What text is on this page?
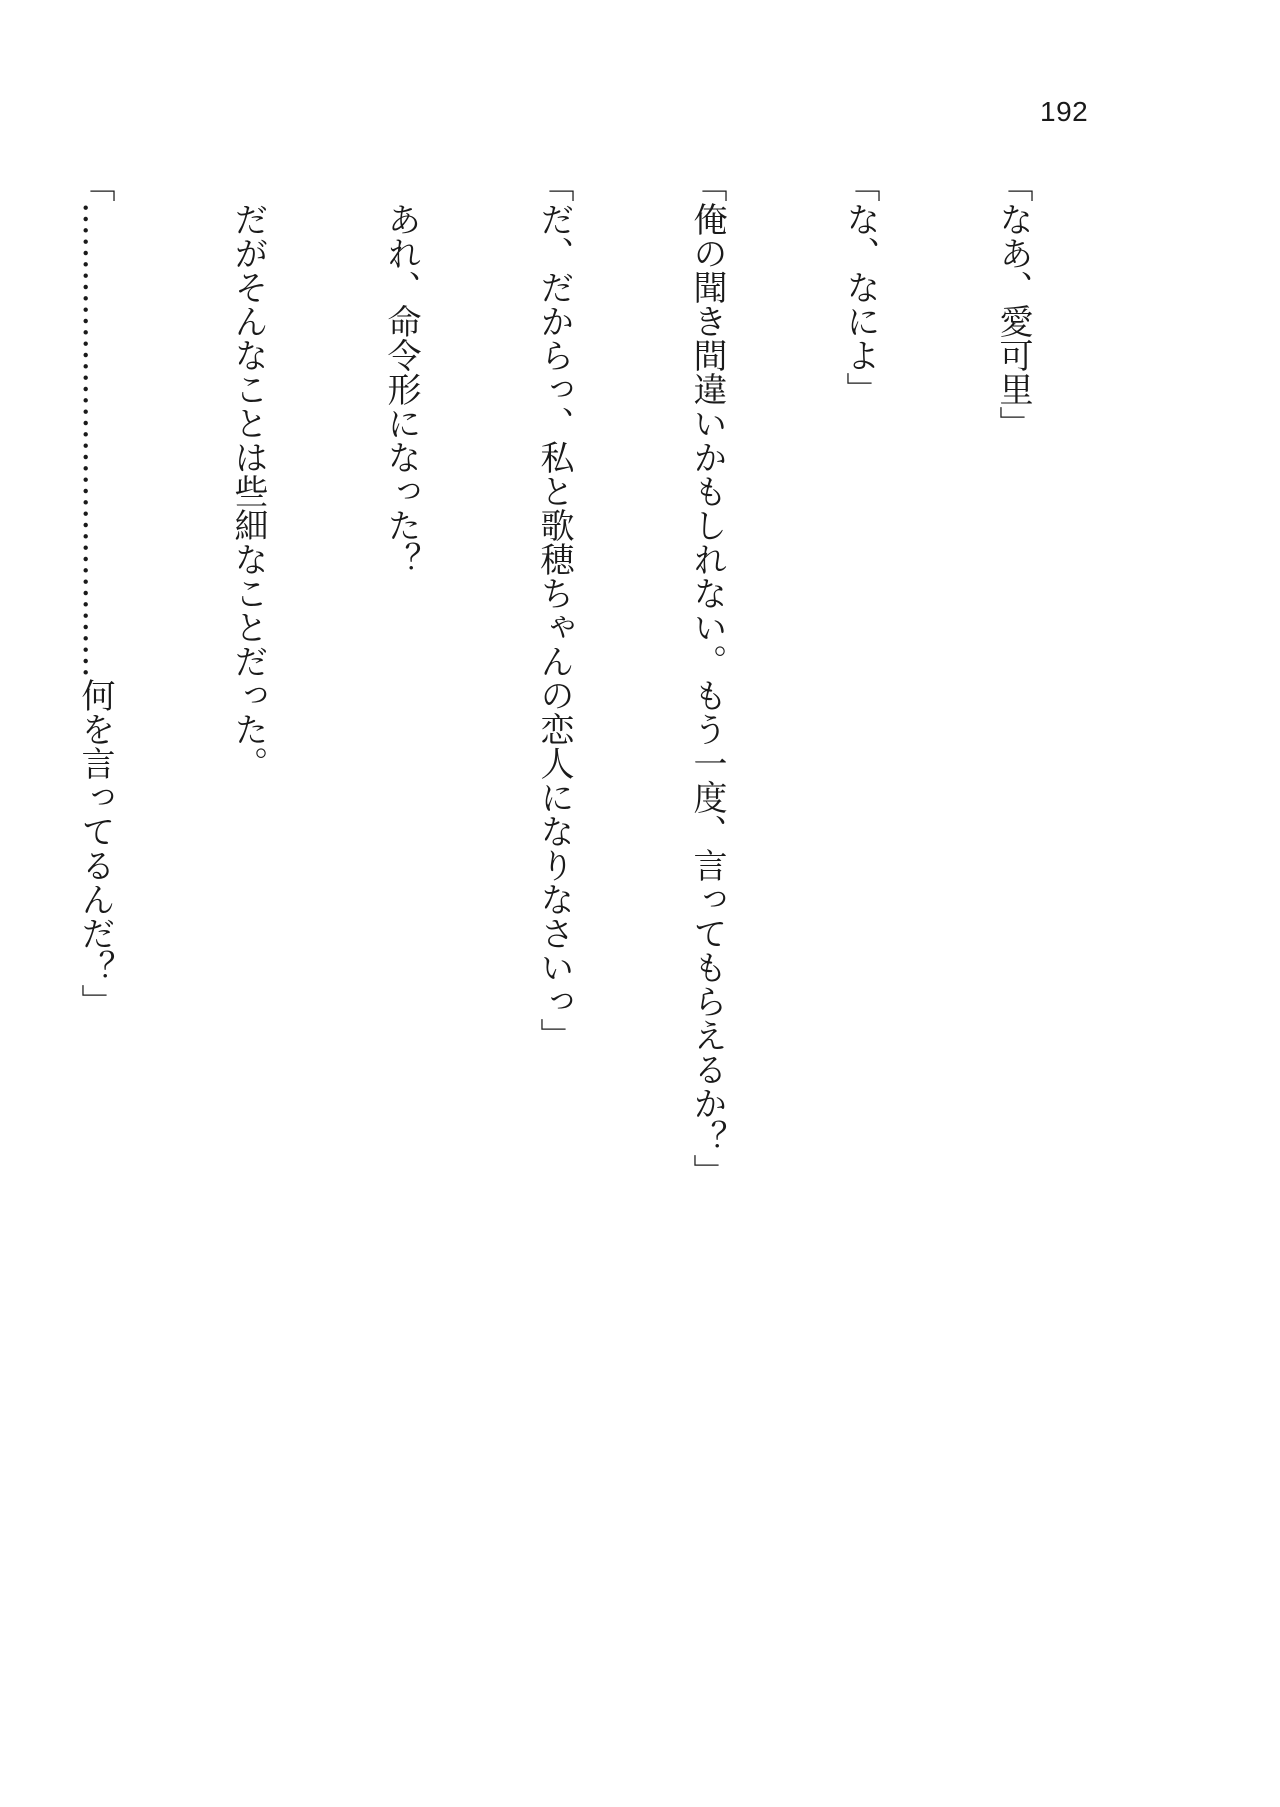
192

「なあ、愛可里」

「な、なによ」

「俺の聞き間違いかもしれない。もう一度、言ってもらえるか？」

「だ、だからっ、私と歌穂ちゃんの恋人になりなさいっ」

　あれ、命令形になった？

　だがそんなことは些細なことだった。

「……………………………………何を言ってるんだ？」
